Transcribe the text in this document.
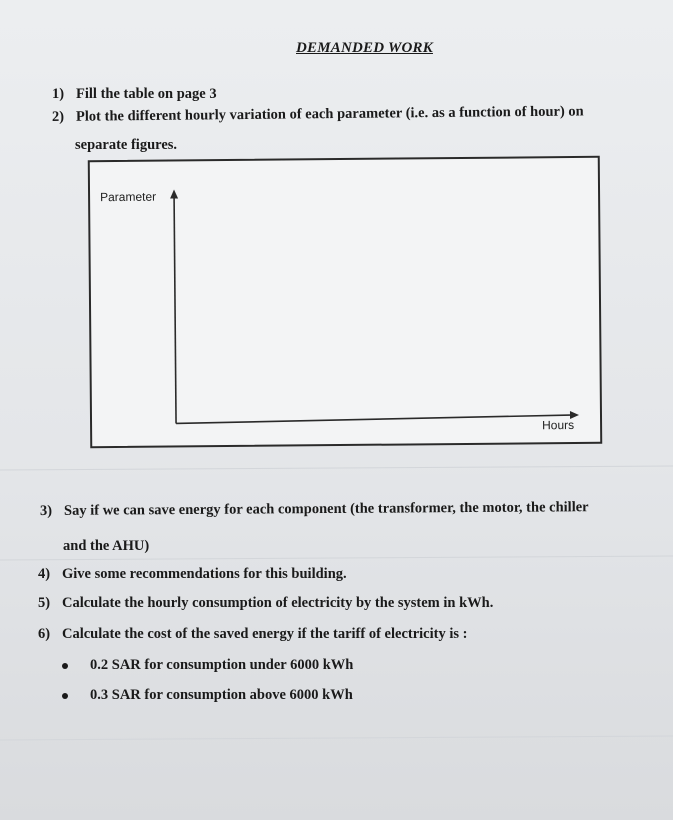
DEMANDED WORK
1) Fill the table on page 3
2) Plot the different hourly variation of each parameter (i.e. as a function of hour) on
separate figures.
Parameter
Hours
3) Say if we can save energy for each component (the transformer, the motor, the chiller
and the AHU)
4) Give some recommendations for this building.
5) Calculate the hourly consumption of electricity by the system in kWh.
6) Calculate the cost of the saved energy if the tariff of electricity is :
0.2 SAR for consumption under 6000 kWh
0.3 SAR for consumption above 6000 kWh
